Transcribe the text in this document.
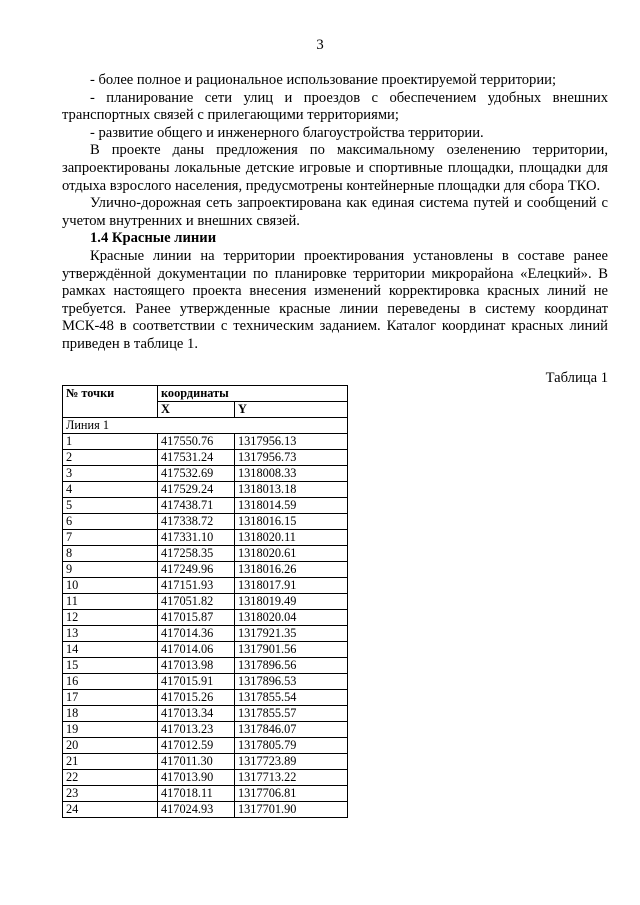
3

- более полное и рациональное использование проектируемой территории;

- планирование сети улиц и проездов с обеспечением удобных внешних транспортных связей с прилегающими территориями;

- развитие общего и инженерного благоустройства территории.

В проекте даны предложения по максимальному озеленению территории, запроектированы локальные детские игровые и спортивные площадки, площадки для отдыха взрослого населения, предусмотрены контейнерные площадки для сбора ТКО.

Улично-дорожная сеть запроектирована как единая система путей и сообщений с учетом внутренних и внешних связей.

1.4 Красные линии

Красные линии на территории проектирования установлены в составе ранее утверждённой документации по планировке территории микрорайона «Елецкий». В рамках настоящего проекта внесения изменений корректировка красных линий не требуется. Ранее утвержденные красные линии переведены в систему координат МСК-48 в соответствии с техническим заданием. Каталог координат красных линий приведен в таблице 1.

Таблица 1
№ точки	координаты	
	X	Y
Линия 1		
1	417550.76	1317956.13
2	417531.24	1317956.73
3	417532.69	1318008.33
4	417529.24	1318013.18
5	417438.71	1318014.59
6	417338.72	1318016.15
7	417331.10	1318020.11
8	417258.35	1318020.61
9	417249.96	1318016.26
10	417151.93	1318017.91
11	417051.82	1318019.49
12	417015.87	1318020.04
13	417014.36	1317921.35
14	417014.06	1317901.56
15	417013.98	1317896.56
16	417015.91	1317896.53
17	417015.26	1317855.54
18	417013.34	1317855.57
19	417013.23	1317846.07
20	417012.59	1317805.79
21	417011.30	1317723.89
22	417013.90	1317713.22
23	417018.11	1317706.81
24	417024.93	1317701.90
